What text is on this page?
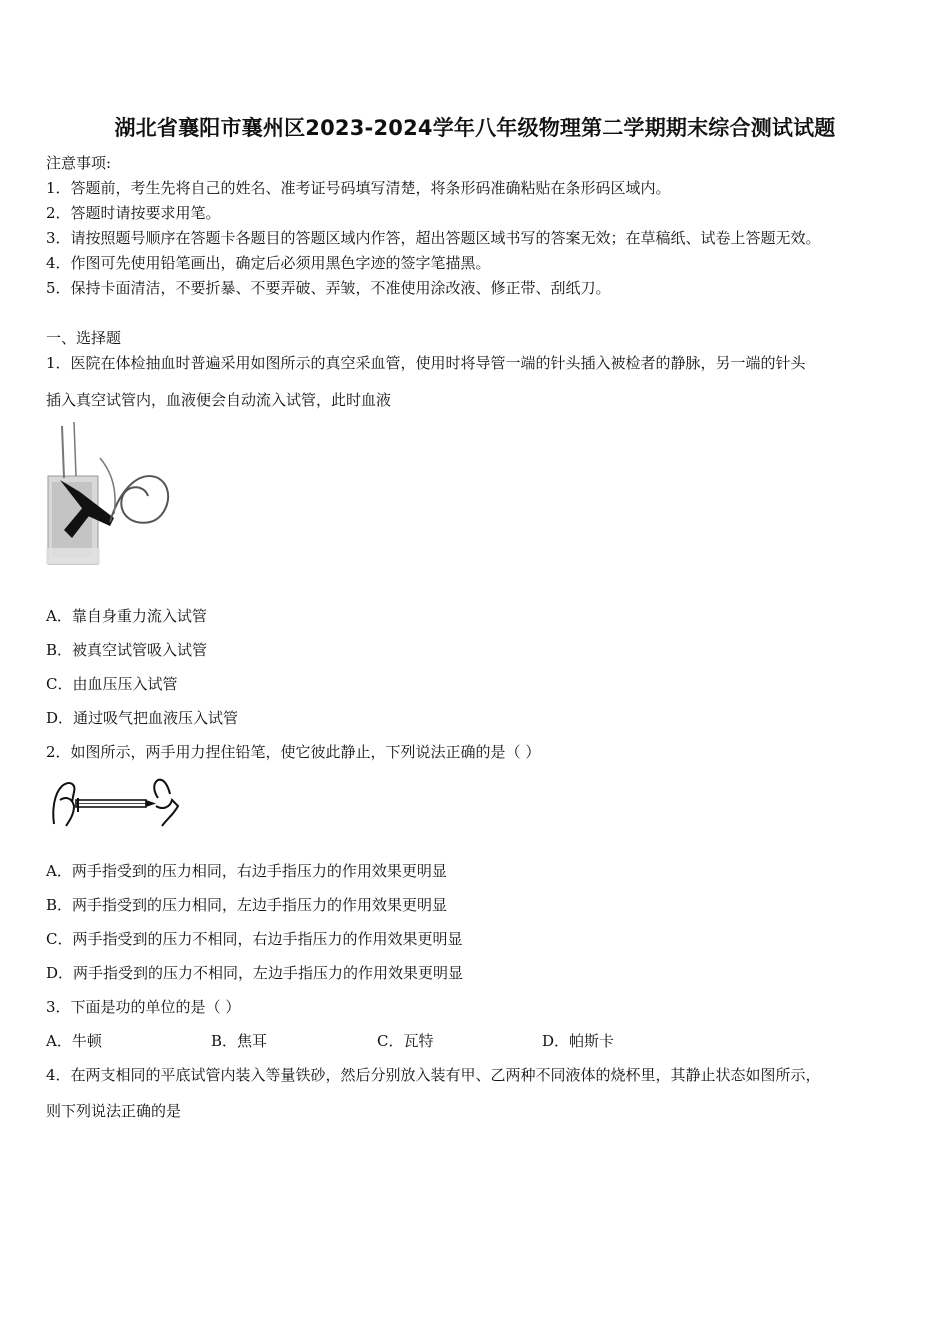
湖北省襄阳市襄州区2023-2024学年八年级物理第二学期期末综合测试试题
注意事项:
1．答题前，考生先将自己的姓名、准考证号码填写清楚，将条形码准确粘贴在条形码区域内。
2．答题时请按要求用笔。
3．请按照题号顺序在答题卡各题目的答题区域内作答，超出答题区域书写的答案无效；在草稿纸、试卷上答题无效。
4．作图可先使用铅笔画出，确定后必须用黑色字迹的签字笔描黑。
5．保持卡面清洁，不要折暴、不要弄破、弄皱，不准使用涂改液、修正带、刮纸刀。
一、选择题
1．医院在体检抽血时普遍采用如图所示的真空采血管，使用时将导管一端的针头插入被检者的静脉，另一端的针头
插入真空试管内，血液便会自动流入试管，此时血液
A．靠自身重力流入试管
B．被真空试管吸入试管
C．由血压压入试管
D．通过吸气把血液压入试管
2．如图所示，两手用力捏住铅笔，使它彼此静止，下列说法正确的是（ ）
A．两手指受到的压力相同，右边手指压力的作用效果更明显
B．两手指受到的压力相同，左边手指压力的作用效果更明显
C．两手指受到的压力不相同，右边手指压力的作用效果更明显
D．两手指受到的压力不相同，左边手指压力的作用效果更明显
3．下面是功的单位的是（ ）
A．牛顿	B．焦耳	C．瓦特	D．帕斯卡
4．在两支相同的平底试管内装入等量铁砂，然后分别放入装有甲、乙两种不同液体的烧杯里，其静止状态如图所示，
则下列说法正确的是
